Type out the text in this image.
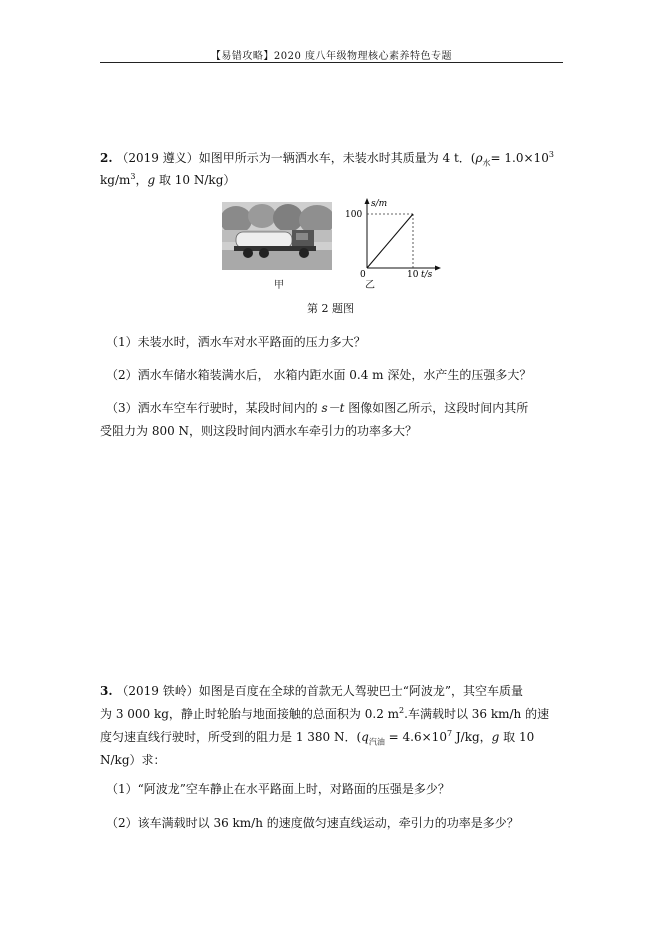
【易错攻略】2020 度八年级物理核心素养特色专题
2. （2019 遵义）如图甲所示为一辆洒水车，未装水时其质量为 4 t．($\rho_水= 1.0\times 10^3$
$kg/m^3$，g 取 10 N/kg）
甲
s/m
100
0	10 t/s
乙
第 2 题图
（1）未装水时，洒水车对水平路面的压力多大？
（2）洒水车储水箱装满水后， 水箱内距水面 0.4 m 深处，水产生的压强多大？
（3）洒水车空车行驶时，某段时间内的 s－t 图像如图乙所示，这段时间内其所
受阻力为 800 N，则这段时间内洒水车牵引力的功率多大？
3. （2019 铁岭）如图是百度在全球的首款无人驾驶巴士“阿波龙”，其空车质量
为 3 000 kg，静止时轮胎与地面接触的总面积为 0.2 $m^2$.车满载时以 36 km/h 的速
度匀速直线行驶时，所受到的阻力是 1 380 N．($q_{汽油} = 4.6\times 10^7$ J/kg，g 取 10
N/kg）求：
（1）“阿波龙”空车静止在水平路面上时，对路面的压强是多少？
（2）该车满载时以 36 km/h 的速度做匀速直线运动，牵引力的功率是多少？
